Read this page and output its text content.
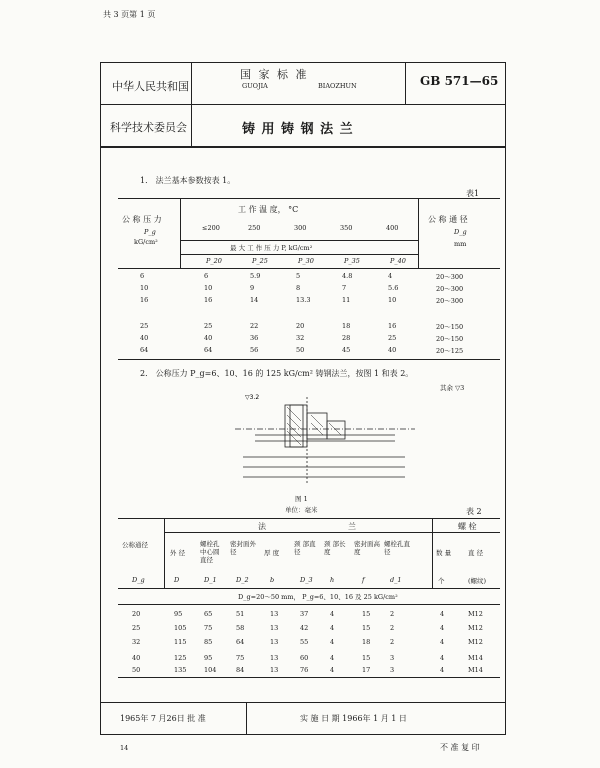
共 3 页第 1 页
中华人民共和国
科学技术委员会
国 家 标 准
GUOJIA	BIAOZHUN	GB 571—65
铸 用 铸 钢 法 兰
1． 法兰基本参数按表 1。
表1
公 称 压 力
P_g
kG/cm²
工 作 温 度， °C
≤200	250	300	350	400
最 大 工 作 压 力 P, kG/cm²
P_20	P_25	P_30	P_35	P_40
公 称 通 径
D_g
mm
6	6	5.9	5	4.8	4	20～300
10	10	9	8	7	5.6	20～300
16	16	14	13.3	11	10	20～300
25	25	22	20	18	16	20～150
40	40	36	32	28	25	20～150
64	64	56	50	45	40	20～125
2． 公称压力 P_g=6、10、16 的 125 kG/cm² 铸钢法兰，按图 1 和表 2。
其余 ▽3
▽3.2
图 1
单位：毫米	表 2
公称通径
D_g
法	兰	螺 栓
外 径
螺栓孔中心圆直径
密封面外 径	厚 度
颈 部直 径
颈 部长 度
密封面高 度
螺栓孔直 径	数 量	直 径
D	D_1	D_2	b	D_3	h	f	d_1	个	(螺纹)
D_g=20～50 mm， P_g=6、10、16 及 25 kG/cm²
20	95	65	51	13	37	4	15	2	4	M12
25	105	75	58	13	42	4	15	2	4	M12
32	115	85	64	13	55	4	18	2	4	M12
40	125	95	75	13	60	4	15	3	4	M14
50	135	104	84	13	76	4	17	3	4	M14
1965年 7 月26日 批 准	实 施 日 期 1966年 1 月 1 日
14	不 准 复 印
